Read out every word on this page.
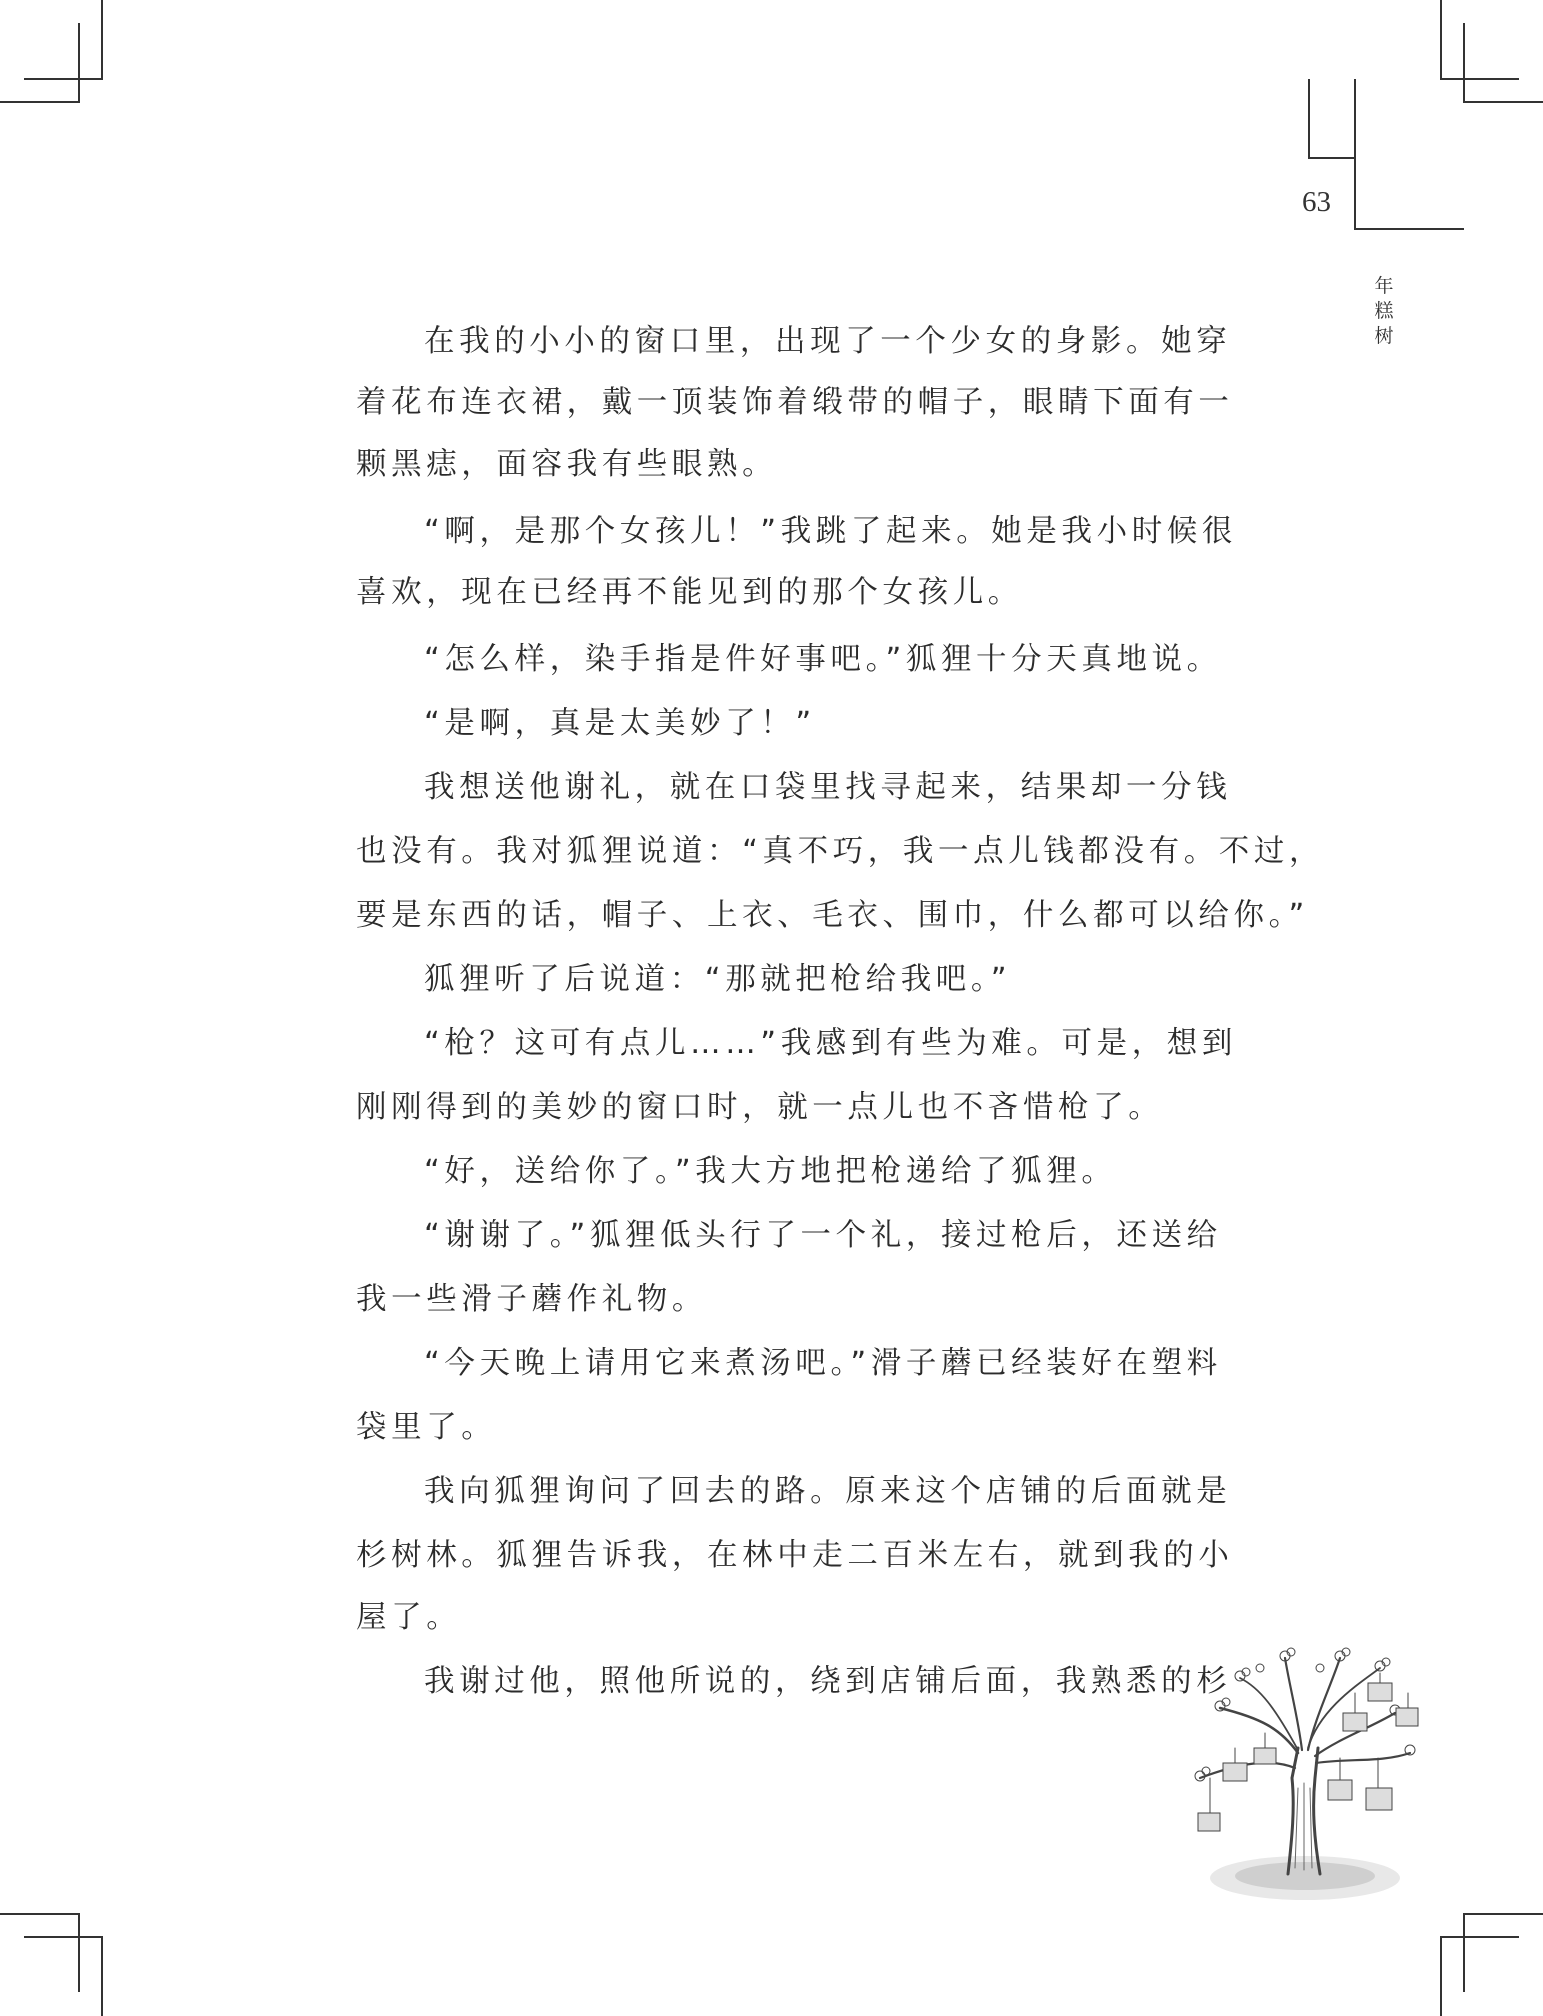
63
年
糕
树
在我的小小的窗口里，出现了一个少女的身影。她穿
着花布连衣裙，戴一顶装饰着缎带的帽子，眼睛下面有一
颗黑痣，面容我有些眼熟。
“啊，是那个女孩儿！”我跳了起来。她是我小时候很
喜欢，现在已经再不能见到的那个女孩儿。
“怎么样，染手指是件好事吧。”狐狸十分天真地说。
“是啊，真是太美妙了！”
我想送他谢礼，就在口袋里找寻起来，结果却一分钱
也没有。我对狐狸说道：“真不巧，我一点儿钱都没有。不过，
要是东西的话，帽子、上衣、毛衣、围巾，什么都可以给你。”
狐狸听了后说道：“那就把枪给我吧。”
“枪？这可有点儿……”我感到有些为难。可是，想到
刚刚得到的美妙的窗口时，就一点儿也不吝惜枪了。
“好，送给你了。”我大方地把枪递给了狐狸。
“谢谢了。”狐狸低头行了一个礼，接过枪后，还送给
我一些滑子蘑作礼物。
“今天晚上请用它来煮汤吧。”滑子蘑已经装好在塑料
袋里了。
我向狐狸询问了回去的路。原来这个店铺的后面就是
杉树林。狐狸告诉我，在林中走二百米左右，就到我的小
屋了。
我谢过他，照他所说的，绕到店铺后面，我熟悉的杉
